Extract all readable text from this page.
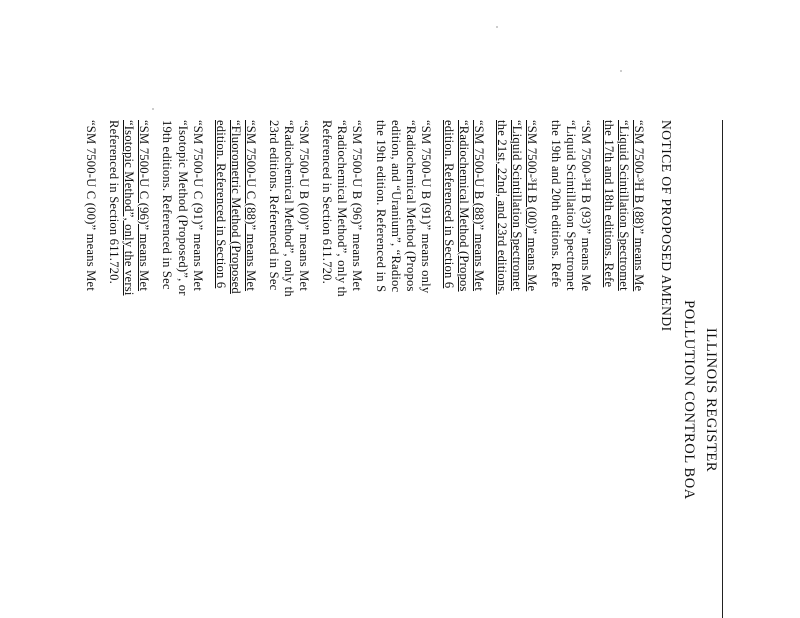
ILLINOIS REGISTER
POLLUTION CONTROL BOA
NOTICE OF PROPOSED AMENDI
“SM 7500-³H B (88)” means Me
“Liquid Scintillation Spectromet
the 17th and 18th editions. Refe
“SM 7500-³H B (93)” means Me
“Liquid Scintillation Spectromet
the 19th and 20th editions. Refe
“SM 7500-³H B (00)” means Me
“Liquid Scintillation Spectromet
the 21st, 22nd, and 23rd editions.
“SM 7500-U B (88)” means Met
“Radiochemical Method (Propos
edition. Referenced in Section 6
“SM 7500-U B (91)” means only
“Radiochemical Method (Propos
edition, and “Uranium”, “Radioc
the 19th edition. Referenced in S
“SM 7500-U B (96)” means Met
“Radiochemical Method”, only th
Referenced in Section 611.720.
“SM 7500-U B (00)” means Met
“Radiochemical Method”, only th
23rd editions. Referenced in Sec
“SM 7500-U C (88)” means Met
“Fluorometric Method (Proposed
edition. Referenced in Section 6
“SM 7500-U C (91)” means Met
“Isotopic Method (Proposed)”, or
19th editions. Referenced in Sec
“SM 7500-U C (96)” means Met
“Isotopic Method”, only the versi
Referenced in Section 611.720.
“SM 7500-U C (00)” means Met
